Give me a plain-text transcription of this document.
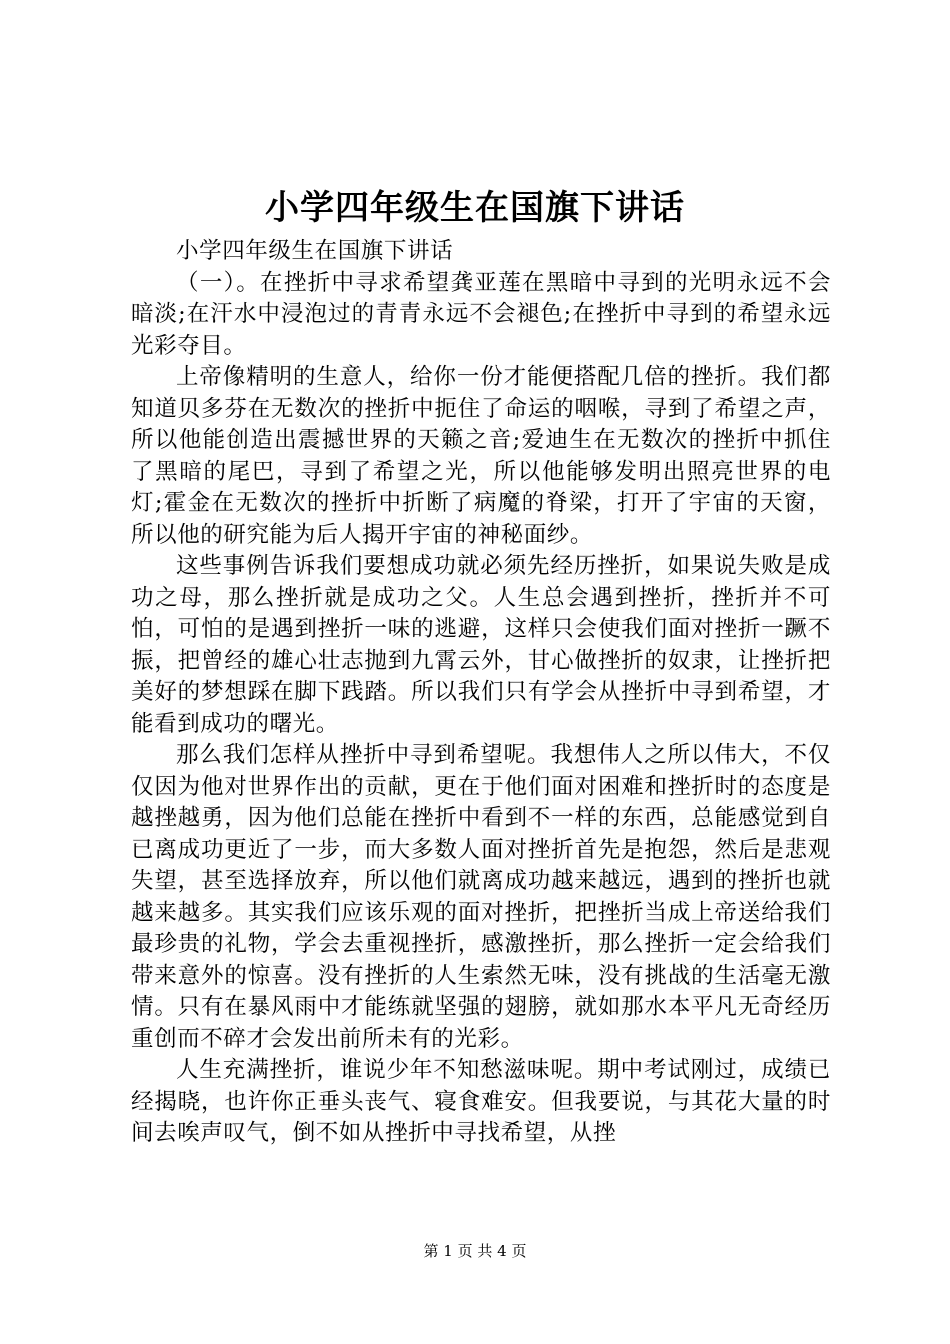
小学四年级生在国旗下讲话

小学四年级生在国旗下讲话

（一）。在挫折中寻求希望龚亚莲在黑暗中寻到的光明永远不会暗淡;在汗水中浸泡过的青青永远不会褪色;在挫折中寻到的希望永远光彩夺目。

上帝像精明的生意人，给你一份才能便搭配几倍的挫折。我们都知道贝多芬在无数次的挫折中扼住了命运的咽喉，寻到了希望之声，所以他能创造出震撼世界的天籁之音;爱迪生在无数次的挫折中抓住了黑暗的尾巴，寻到了希望之光，所以他能够发明出照亮世界的电灯;霍金在无数次的挫折中折断了病魔的脊梁，打开了宇宙的天窗，所以他的研究能为后人揭开宇宙的神秘面纱。

这些事例告诉我们要想成功就必须先经历挫折，如果说失败是成功之母，那么挫折就是成功之父。人生总会遇到挫折，挫折并不可怕，可怕的是遇到挫折一味的逃避，这样只会使我们面对挫折一蹶不振，把曾经的雄心壮志抛到九霄云外，甘心做挫折的奴隶，让挫折把美好的梦想踩在脚下践踏。所以我们只有学会从挫折中寻到希望，才能看到成功的曙光。

那么我们怎样从挫折中寻到希望呢。我想伟人之所以伟大，不仅仅因为他对世界作出的贡献，更在于他们面对困难和挫折时的态度是越挫越勇，因为他们总能在挫折中看到不一样的东西，总能感觉到自已离成功更近了一步，而大多数人面对挫折首先是抱怨，然后是悲观失望，甚至选择放弃，所以他们就离成功越来越远，遇到的挫折也就越来越多。其实我们应该乐观的面对挫折，把挫折当成上帝送给我们最珍贵的礼物，学会去重视挫折，感激挫折，那么挫折一定会给我们带来意外的惊喜。没有挫折的人生索然无味，没有挑战的生活毫无激情。只有在暴风雨中才能练就坚强的翅膀，就如那水本平凡无奇经历重创而不碎才会发出前所未有的光彩。

人生充满挫折，谁说少年不知愁滋味呢。期中考试刚过，成绩已经揭晓，也许你正垂头丧气、寝食难安。但我要说，与其花大量的时间去唉声叹气，倒不如从挫折中寻找希望，从挫

第 1 页 共 4 页
